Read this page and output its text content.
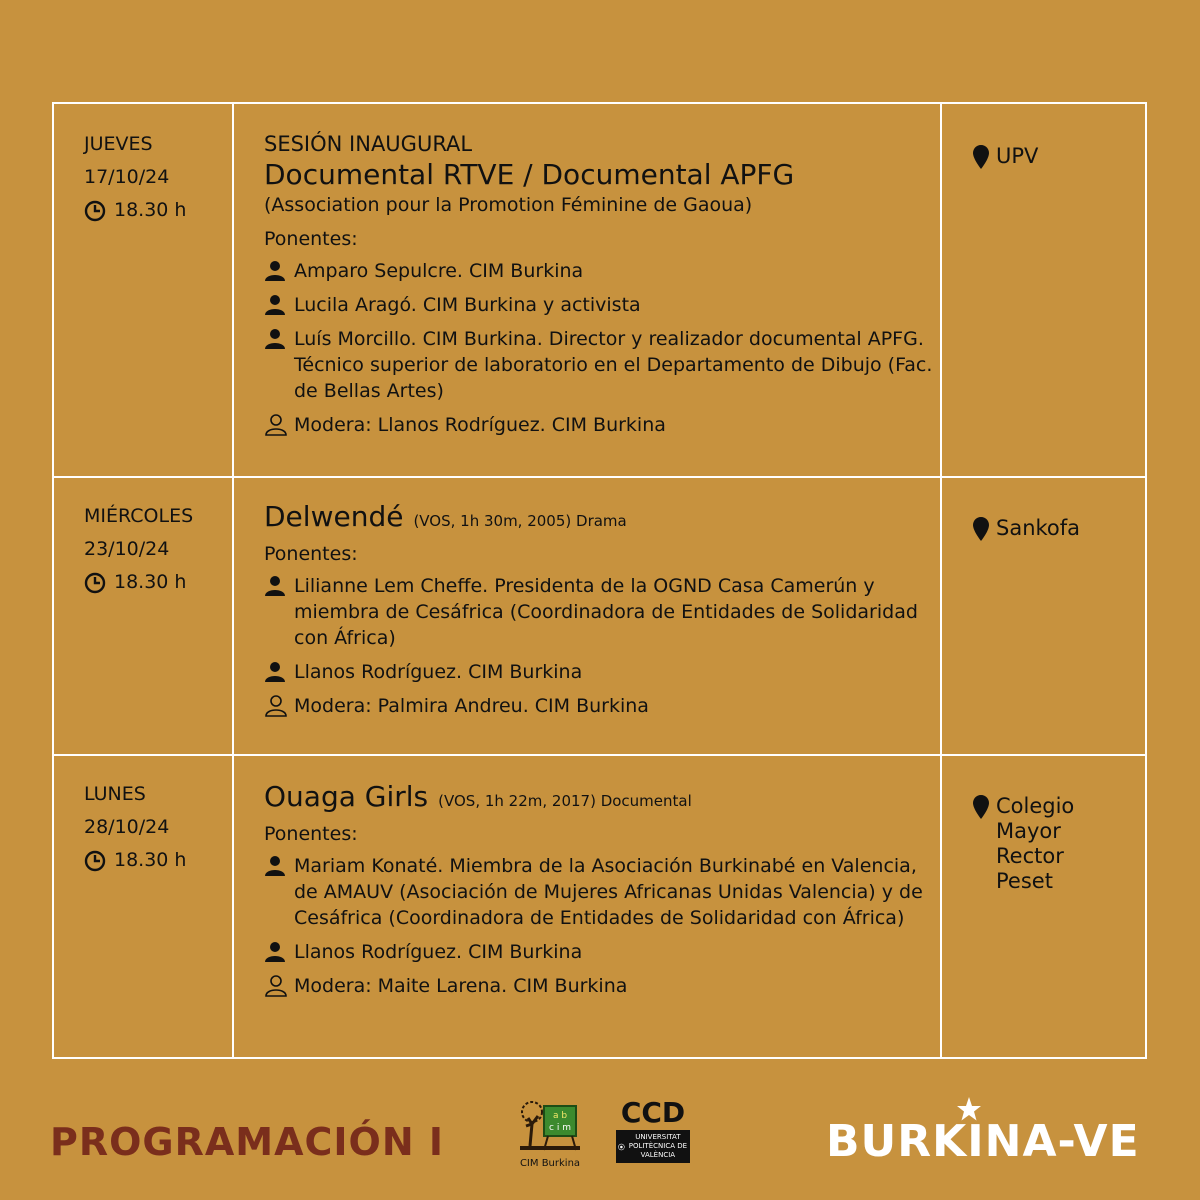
JUEVES
17/10/24
18.30 h
SESIÓN INAUGURAL
Documental RTVE / Documental APFG
(Association pour la Promotion Féminine de Gaoua)
Ponentes:
Amparo Sepulcre. CIM Burkina
Lucila Aragó. CIM Burkina y activista
Luís Morcillo. CIM Burkina. Director y realizador documental APFG. Técnico superior de laboratorio en el Departamento de Dibujo (Fac. de Bellas Artes)
Modera: Llanos Rodríguez. CIM Burkina
UPV
MIÉRCOLES
23/10/24
18.30 h
Delwendé (VOS, 1h 30m, 2005) Drama
Ponentes:
Lilianne Lem Cheffe. Presidenta de la OGND Casa Camerún y miembra de Cesáfrica (Coordinadora de Entidades de Solidaridad con África)
Llanos Rodríguez. CIM Burkina
Modera: Palmira Andreu. CIM Burkina
Sankofa
LUNES
28/10/24
18.30 h
Ouaga Girls (VOS, 1h 22m, 2017) Documental
Ponentes:
Mariam Konaté. Miembra de la Asociación Burkinabé en Valencia, de AMAUV (Asociación de Mujeres Africanas Unidas Valencia) y de Cesáfrica (Coordinadora de Entidades de Solidaridad con África)
Llanos Rodríguez. CIM Burkina
Modera: Maite Larena. CIM Burkina
Colegio
Mayor
Rector
Peset
PROGRAMACIÓN I
a b
c i m
CIM Burkina
CCD
UNIVERSITAT POLITÈCNICA DE VALÈNCIA	BURKINA-VE
